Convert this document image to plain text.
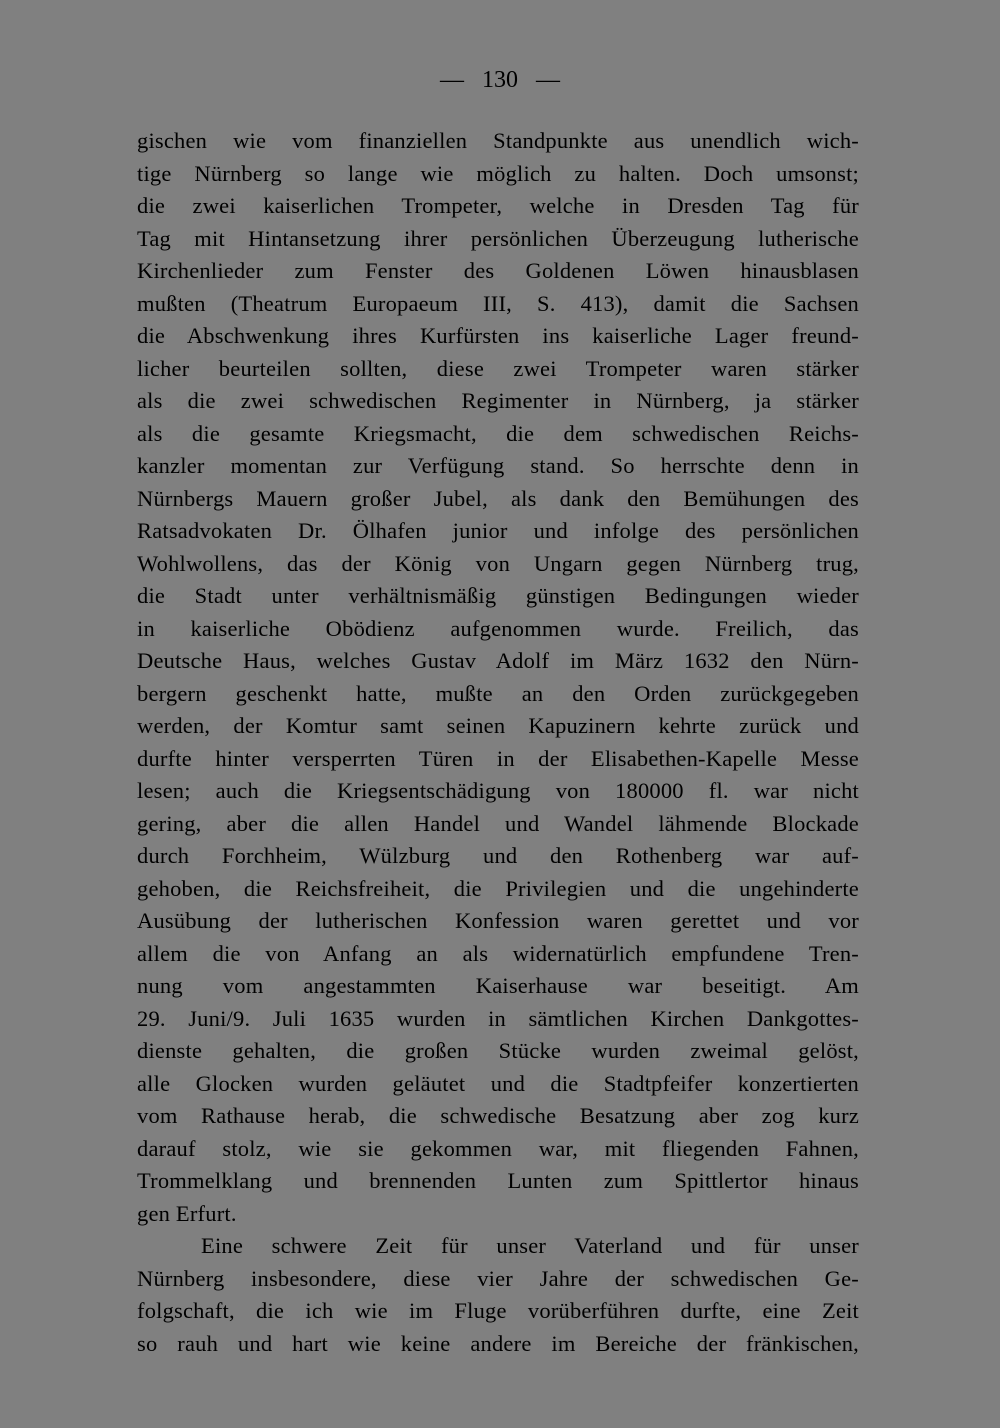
— 130 —
gischen wie vom finanziellen Standpunkte aus unendlich wich-
tige Nürnberg so lange wie möglich zu halten. Doch umsonst;
die zwei kaiserlichen Trompeter, welche in Dresden Tag für
Tag mit Hintansetzung ihrer persönlichen Überzeugung lutherische
Kirchenlieder zum Fenster des Goldenen Löwen hinausblasen
mußten (Theatrum Europaeum III, S. 413), damit die Sachsen
die Abschwenkung ihres Kurfürsten ins kaiserliche Lager freund-
licher beurteilen sollten, diese zwei Trompeter waren stärker
als die zwei schwedischen Regimenter in Nürnberg, ja stärker
als die gesamte Kriegsmacht, die dem schwedischen Reichs-
kanzler momentan zur Verfügung stand. So herrschte denn in
Nürnbergs Mauern großer Jubel, als dank den Bemühungen des
Ratsadvokaten Dr. Ölhafen junior und infolge des persönlichen
Wohlwollens, das der König von Ungarn gegen Nürnberg trug,
die Stadt unter verhältnismäßig günstigen Bedingungen wieder
in kaiserliche Obödienz aufgenommen wurde. Freilich, das
Deutsche Haus, welches Gustav Adolf im März 1632 den Nürn-
bergern geschenkt hatte, mußte an den Orden zurückgegeben
werden, der Komtur samt seinen Kapuzinern kehrte zurück und
durfte hinter versperrten Türen in der Elisabethen-Kapelle Messe
lesen; auch die Kriegsentschädigung von 180000 fl. war nicht
gering, aber die allen Handel und Wandel lähmende Blockade
durch Forchheim, Wülzburg und den Rothenberg war auf-
gehoben, die Reichsfreiheit, die Privilegien und die ungehinderte
Ausübung der lutherischen Konfession waren gerettet und vor
allem die von Anfang an als widernatürlich empfundene Tren-
nung vom angestammten Kaiserhause war beseitigt. Am
29. Juni/9. Juli 1635 wurden in sämtlichen Kirchen Dankgottes-
dienste gehalten, die großen Stücke wurden zweimal gelöst,
alle Glocken wurden geläutet und die Stadtpfeifer konzertierten
vom Rathause herab, die schwedische Besatzung aber zog kurz
darauf stolz, wie sie gekommen war, mit fliegenden Fahnen,
Trommelklang und brennenden Lunten zum Spittlertor hinaus
gen Erfurt.
Eine schwere Zeit für unser Vaterland und für unser
Nürnberg insbesondere, diese vier Jahre der schwedischen Ge-
folgschaft, die ich wie im Fluge vorüberführen durfte, eine Zeit
so rauh und hart wie keine andere im Bereiche der fränkischen,
